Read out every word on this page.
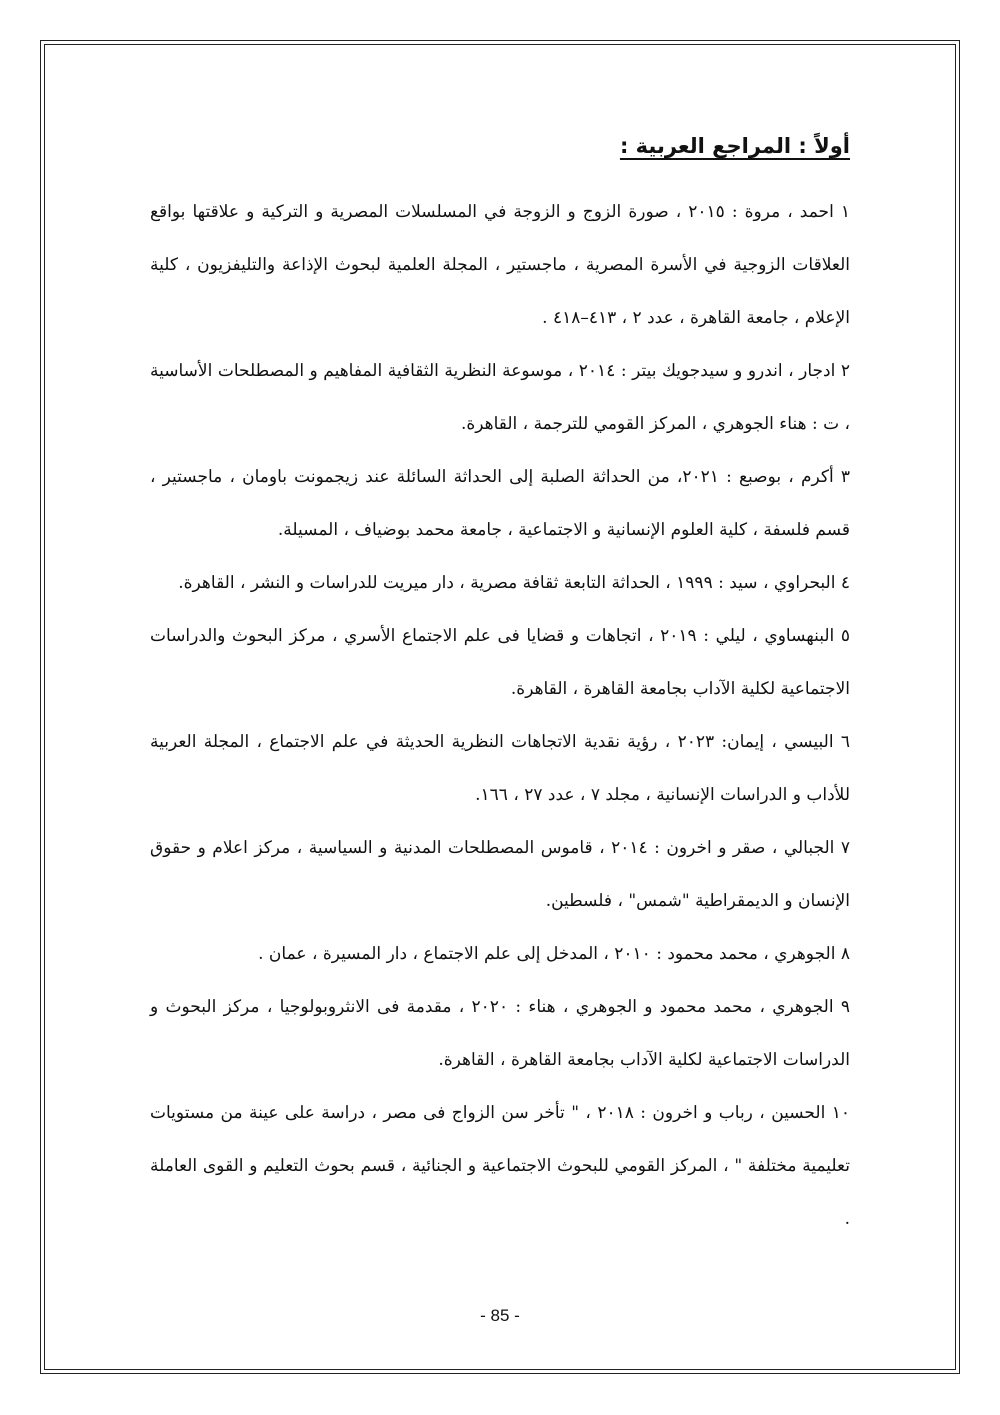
أولاً : المراجع العربية :
١ احمد ، مروة : ٢٠١٥ ، صورة الزوج و الزوجة في المسلسلات المصرية و التركية و علاقتها بواقع العلاقات الزوجية في الأسرة المصرية ، ماجستير ، المجلة العلمية لبحوث الإذاعة والتليفزيون ، كلية الإعلام ، جامعة القاهرة ، عدد ٢ ، ٤١٣–٤١٨ .
٢ ادجار ، اندرو و سيدجويك بيتر : ٢٠١٤ ، موسوعة النظرية الثقافية المفاهيم و المصطلحات الأساسية ، ت : هناء الجوهري ، المركز القومي للترجمة ، القاهرة.
٣ أكرم ، بوصبع : ٢٠٢١، من الحداثة الصلبة إلى الحداثة السائلة عند زيجمونت باومان ، ماجستير ، قسم فلسفة ، كلية العلوم الإنسانية و الاجتماعية ، جامعة محمد بوضياف ، المسيلة.
٤ البحراوي ، سيد : ١٩٩٩ ، الحداثة التابعة ثقافة مصرية ، دار ميريت للدراسات و النشر ، القاهرة.
٥ البنهساوي ، ليلي : ٢٠١٩ ، اتجاهات و قضايا فى علم الاجتماع الأسري ، مركز البحوث والدراسات الاجتماعية لكلية الآداب بجامعة القاهرة ، القاهرة.
٦ البيسي ، إيمان: ٢٠٢٣ ، رؤية نقدية الاتجاهات النظرية الحديثة في علم الاجتماع ، المجلة العربية للأداب و الدراسات الإنسانية ، مجلد ٧ ، عدد ٢٧ ، ١٦٦.
٧ الجبالي ، صقر و اخرون : ٢٠١٤ ، قاموس المصطلحات المدنية و السياسية ، مركز اعلام و حقوق الإنسان و الديمقراطية "شمس" ، فلسطين.
٨ الجوهري ، محمد محمود : ٢٠١٠ ، المدخل إلى علم الاجتماع ، دار المسيرة ، عمان .
٩ الجوهري ، محمد محمود و الجوهري ، هناء : ٢٠٢٠ ، مقدمة فى الانثروبولوجيا ، مركز البحوث و الدراسات الاجتماعية لكلية الآداب بجامعة القاهرة ، القاهرة.
١٠ الحسين ، رباب و اخرون : ٢٠١٨ ، " تأخر سن الزواج فى مصر ، دراسة على عينة من مستويات تعليمية مختلفة " ، المركز القومي للبحوث الاجتماعية و الجنائية ، قسم بحوث التعليم و القوى العاملة .
- 85 -
